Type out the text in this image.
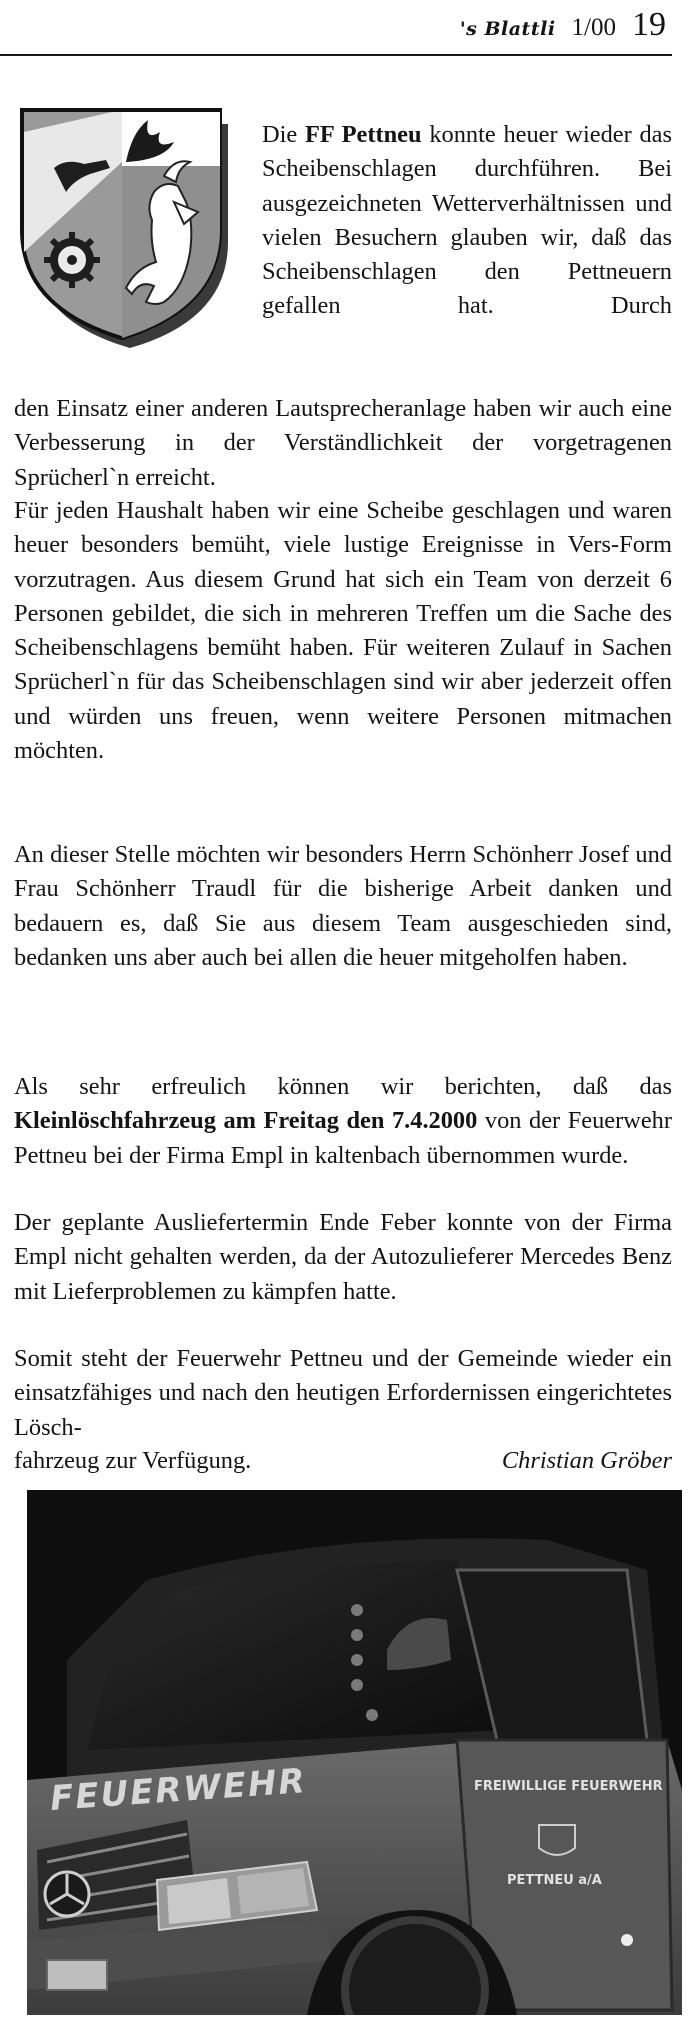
's Blattli 1/00 19

Die FF Pettneu konnte heuer wieder das Scheibenschlagen durchführen. Bei ausgezeichneten Wetterverhältnissen und vielen Besuchern glauben wir, daß das Scheibenschlagen den Pettneuern gefallen hat. Durch

den Einsatz einer anderen Lautsprecheranlage haben wir auch eine Verbesserung in der Verständlichkeit der vorgetragenen Sprücherl`n erreicht.

Für jeden Haushalt haben wir eine Scheibe geschlagen und waren heuer besonders bemüht, viele lustige Ereignisse in Vers-Form vorzutragen. Aus diesem Grund hat sich ein Team von derzeit 6 Personen gebildet, die sich in mehreren Treffen um die Sache des Scheibenschlagens bemüht haben. Für weiteren Zulauf in Sachen Sprücherl`n für das Scheibenschlagen sind wir aber jederzeit offen und würden uns freuen, wenn weitere Personen mitmachen möchten.

An dieser Stelle möchten wir besonders Herrn Schönherr Josef und Frau Schönherr Traudl für die bisherige Arbeit danken und bedauern es, daß Sie aus diesem Team ausgeschieden sind, bedanken uns aber auch bei allen die heuer mitgeholfen haben.

Als sehr erfreulich können wir berichten, daß das Kleinlöschfahrzeug am Freitag den 7.4.2000 von der Feuerwehr Pettneu bei der Firma Empl in kaltenbach übernommen wurde.

Der geplante Ausliefertermin Ende Feber konnte von der Firma Empl nicht gehalten werden, da der Autozulieferer Mercedes Benz mit Lieferproblemen zu kämpfen hatte.

Somit steht der Feuerwehr Pettneu und der Gemeinde wieder ein einsatzfähiges und nach den heutigen Erfordernissen eingerichtetes Lösch-

fahrzeug zur Verfügung.	Christian Gröber
FEUERWEHR	FREIWILLIGE FEUERWEHR
PETTNEU a/A
